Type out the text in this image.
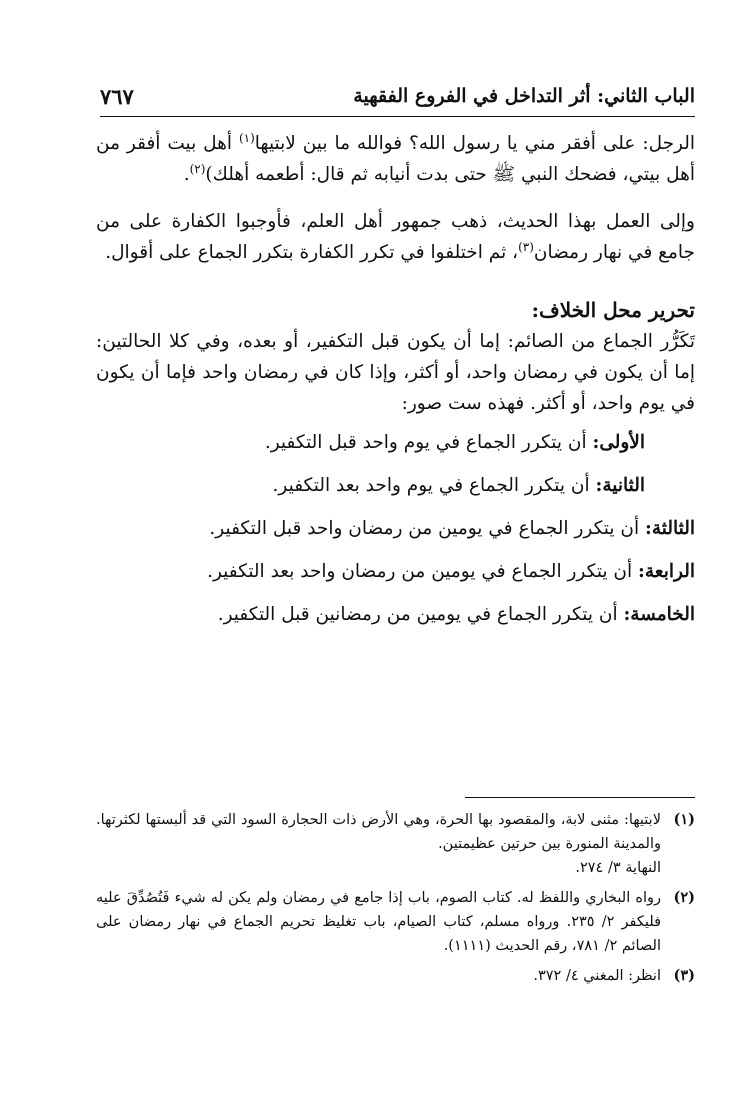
الباب الثاني: أثر التداخل في الفروع الفقهية
٧٦٧

الرجل: على أفقر مني يا رسول الله؟ فوالله ما بين لابتيها$^{(١)}$ أهل بيت أفقر من أهل بيتي، فضحك النبي ﷺ حتى بدت أنيابه ثم قال: أطعمه أهلك)$^{(٢)}$.

وإلى العمل بهذا الحديث، ذهب جمهور أهل العلم، فأوجبوا الكفارة على من جامع في نهار رمضان$^{(٣)}$، ثم اختلفوا في تكرر الكفارة بتكرر الجماع على أقوال.

تحرير محل الخلاف:

تَكَرُّر الجماع من الصائم: إما أن يكون قبل التكفير، أو بعده، وفي كلا الحالتين: إما أن يكون في رمضان واحد، أو أكثر، وإذا كان في رمضان واحد فإما أن يكون في يوم واحد، أو أكثر. فهذه ست صور:

الأولى: أن يتكرر الجماع في يوم واحد قبل التكفير.
الثانية: أن يتكرر الجماع في يوم واحد بعد التكفير.
الثالثة: أن يتكرر الجماع في يومين من رمضان واحد قبل التكفير.
الرابعة: أن يتكرر الجماع في يومين من رمضان واحد بعد التكفير.
الخامسة: أن يتكرر الجماع في يومين من رمضانين قبل التكفير.
(١)
لابتيها: مثنى لابة، والمقصود بها الحرة، وهي الأرض ذات الحجارة السود التي قد ألبستها لكثرتها. والمدينة المنورة بين حرتين عظيمتين.
النهاية ٣/ ٢٧٤.
(٢)
رواه البخاري واللفظ له. كتاب الصوم، باب إذا جامع في رمضان ولم يكن له شيء فَتُصُدِّقَ عليه فليكفر ٢/ ٢٣٥. ورواه مسلم، كتاب الصيام، باب تغليظ تحريم الجماع في نهار رمضان على الصائم ٢/ ٧٨١، رقم الحديث (١١١١).
(٣)
انظر: المغني ٤/ ٣٧٢.
